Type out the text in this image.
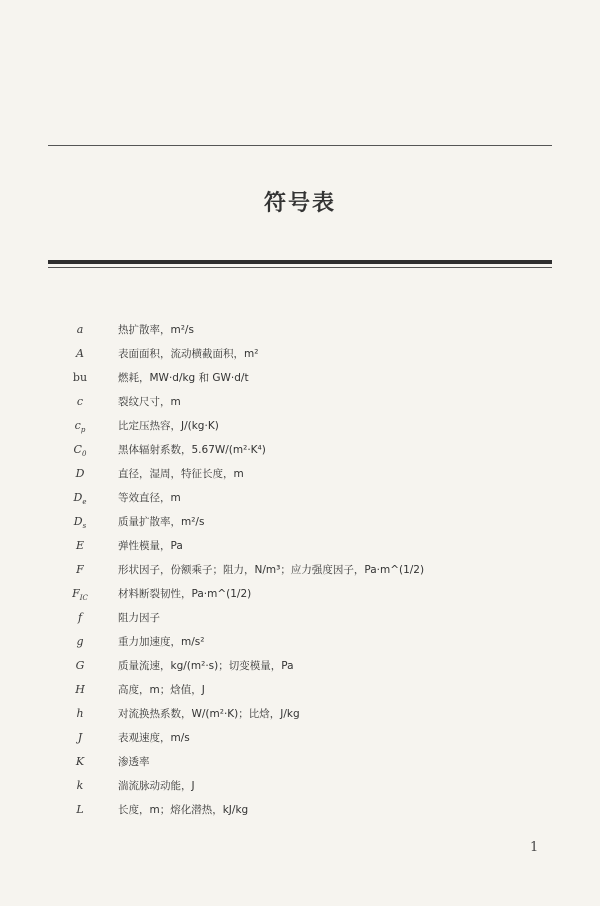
符号表
a	热扩散率，m²/s
A	表面面积，流动横截面积，m²
bu	燃耗，MW·d/kg 和 GW·d/t
c	裂纹尺寸，m
$c_p$	比定压热容，J/(kg·K)
$C_0$	黑体辐射系数，5.67W/(m²·K⁴)
D	直径，湿周，特征长度，m
$D_e$	等效直径，m
$D_s$	质量扩散率，m²/s
E	弹性模量，Pa
F	形状因子，份额乘子；阻力，N/m³；应力强度因子，Pa·m^(1/2)
$F_{IC}$	材料断裂韧性，Pa·m^(1/2)
f	阻力因子
g	重力加速度，m/s²
G	质量流速，kg/(m²·s)；切变模量，Pa
H	高度，m；焓值，J
h	对流换热系数，W/(m²·K)；比焓，J/kg
J	表观速度，m/s
K	渗透率
k	湍流脉动动能，J
L	长度，m；熔化潜热，kJ/kg
1
